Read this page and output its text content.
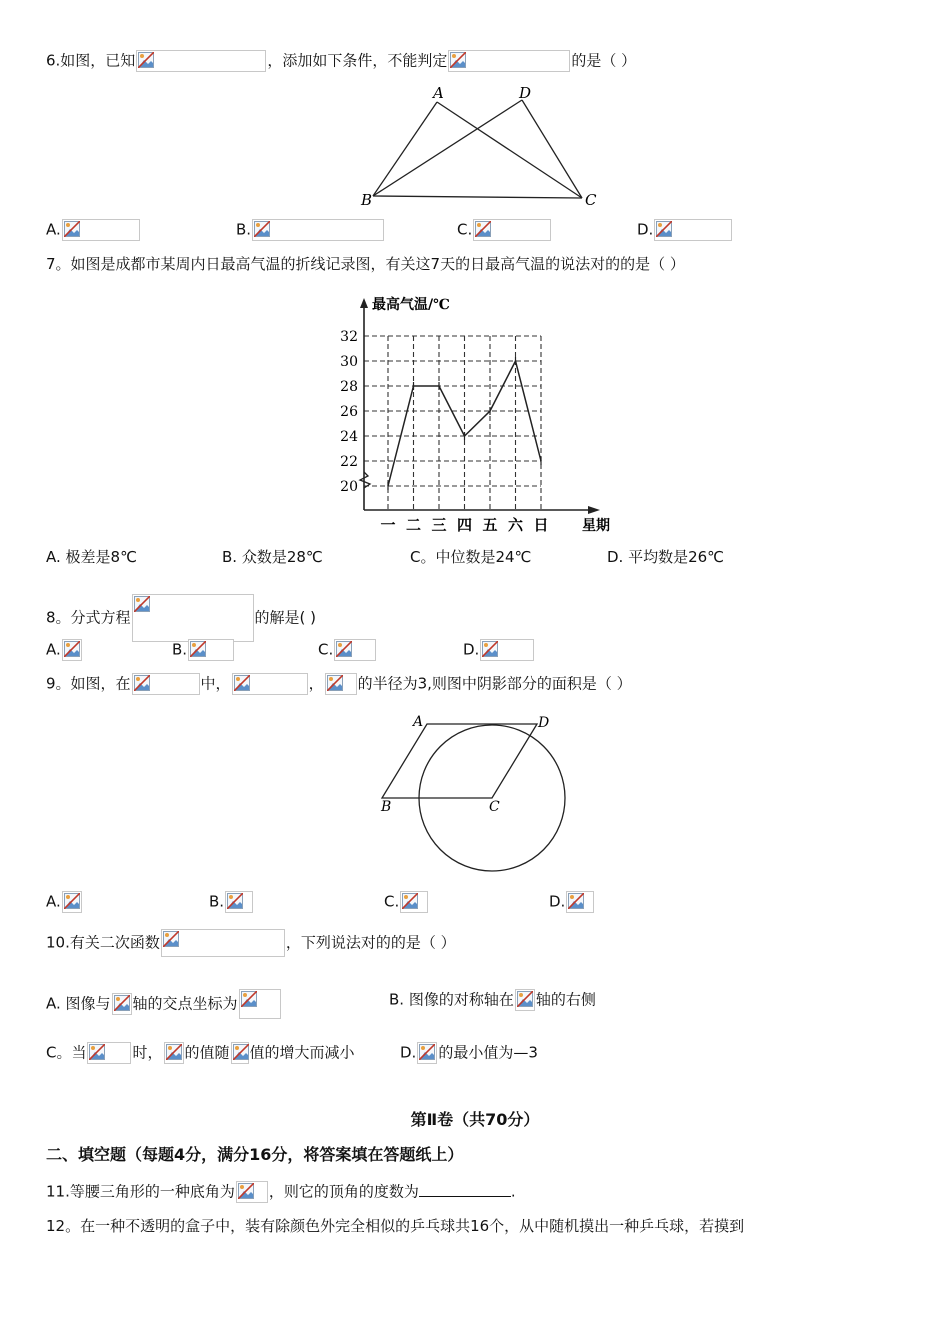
6.如图，已知	，添加如下条件，不能判定	的是（ ）
A	D
B	C
A.	B.	C.	D.
7。如图是成都市某周内日最高气温的折线记录图，有关这7天的日最高气温的说法对的的是（ ）
最高气温/℃
星期
20
22
24
26
28
30
32
一 二 三 四 五 六 日
A. 极差是8℃	B. 众数是28℃	C。中位数是24℃	D. 平均数是26℃
8。分式方程	的解是( )
A.	B.	C.	D.
9。如图，在	中，	， 的半径为3,则图中阴影部分的面积是（ ）
A	D
B	C
A.	B.	C.	D.
10.有关二次函数	，下列说法对的的是（ ）
A. 图像与 轴的交点坐标为	B. 图像的对称轴在 轴的右侧
C。当	时， 的值随 值的增大而减小	D. 的最小值为—3
第Ⅱ卷（共70分）
二、填空题（每题4分，满分16分，将答案填在答题纸上）
11.等腰三角形的一种底角为 ，则它的顶角的度数为	.
12。在一种不透明的盒子中，装有除颜色外完全相似的乒乓球共16个，从中随机摸出一种乒乓球，若摸到
